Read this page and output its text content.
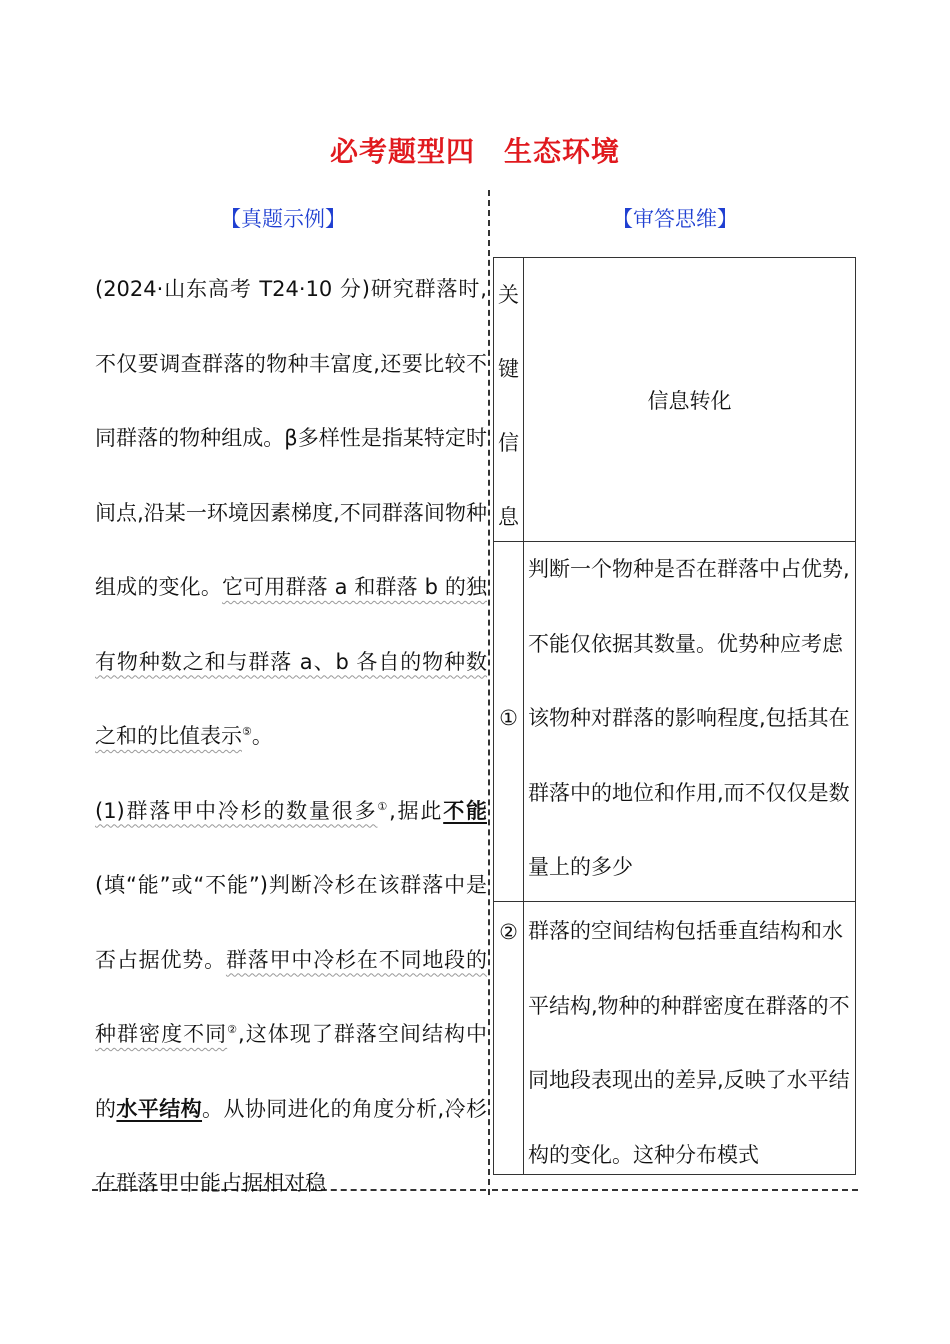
必考题型四　生态环境
【真题示例】	【审答思维】

(2024·山东高考 T24·10 分)研究群落时,不仅要调查群落的物种丰富度,还要比较不同群落的物种组成。β多样性是指某特定时间点,沿某一环境因素梯度,不同群落间物种组成的变化。它可用群落 a 和群落 b 的独有物种数之和与群落 a、b 各自的物种数之和的比值表示⑤。

(1)群落甲中冷杉的数量很多①,据此不能(填“能”或“不能”)判断冷杉在该群落中是否占据优势。群落甲中冷杉在不同地段的种群密度不同②,这体现了群落空间结构中的水平结构。从协同进化的角度分析,冷杉在群落甲中能占据相对稳

关
键
信
息
信息转化
①
判断一个物种是否在群落中占优势,不能仅依据其数量。优势种应考虑该物种对群落的影响程度,包括其在群落中的地位和作用,而不仅仅是数量上的多少
② 群落的空间结构包括垂直结构和水平结构,物种的种群密度在群落的不同地段表现出的差异,反映了水平结构的变化。这种分布模式
